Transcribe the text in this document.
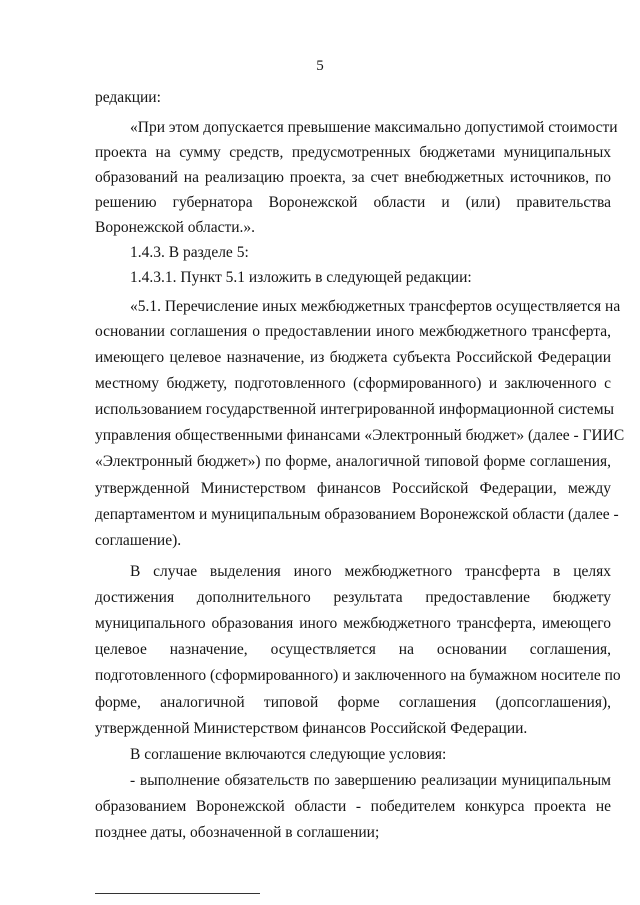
5
редакции:
«При этом допускается превышение максимально допустимой стоимости
проекта на сумму средств, предусмотренных бюджетами муниципальных
образований на реализацию проекта, за счет внебюджетных источников, по
решению губернатора Воронежской области и (или) правительства
Воронежской области.».
1.4.3. В разделе 5:
1.4.3.1. Пункт 5.1 изложить в следующей редакции:
«5.1. Перечисление иных межбюджетных трансфертов осуществляется на
основании соглашения о предоставлении иного межбюджетного трансферта,
имеющего целевое назначение, из бюджета субъекта Российской Федерации
местному бюджету, подготовленного (сформированного) и заключенного с
использованием государственной интегрированной информационной системы
управления общественными финансами «Электронный бюджет» (далее - ГИИС
«Электронный бюджет») по форме, аналогичной типовой форме соглашения,
утвержденной Министерством финансов Российской Федерации, между
департаментом и муниципальным образованием Воронежской области (далее -
соглашение).
В случае выделения иного межбюджетного трансферта в целях
достижения дополнительного результата предоставление бюджету
муниципального образования иного межбюджетного трансферта, имеющего
целевое назначение, осуществляется на основании соглашения,
подготовленного (сформированного) и заключенного на бумажном носителе по
форме, аналогичной типовой форме соглашения (допсоглашения),
утвержденной Министерством финансов Российской Федерации.
В соглашение включаются следующие условия:
- выполнение обязательств по завершению реализации муниципальным
образованием Воронежской области - победителем конкурса проекта не
позднее даты, обозначенной в соглашении;
